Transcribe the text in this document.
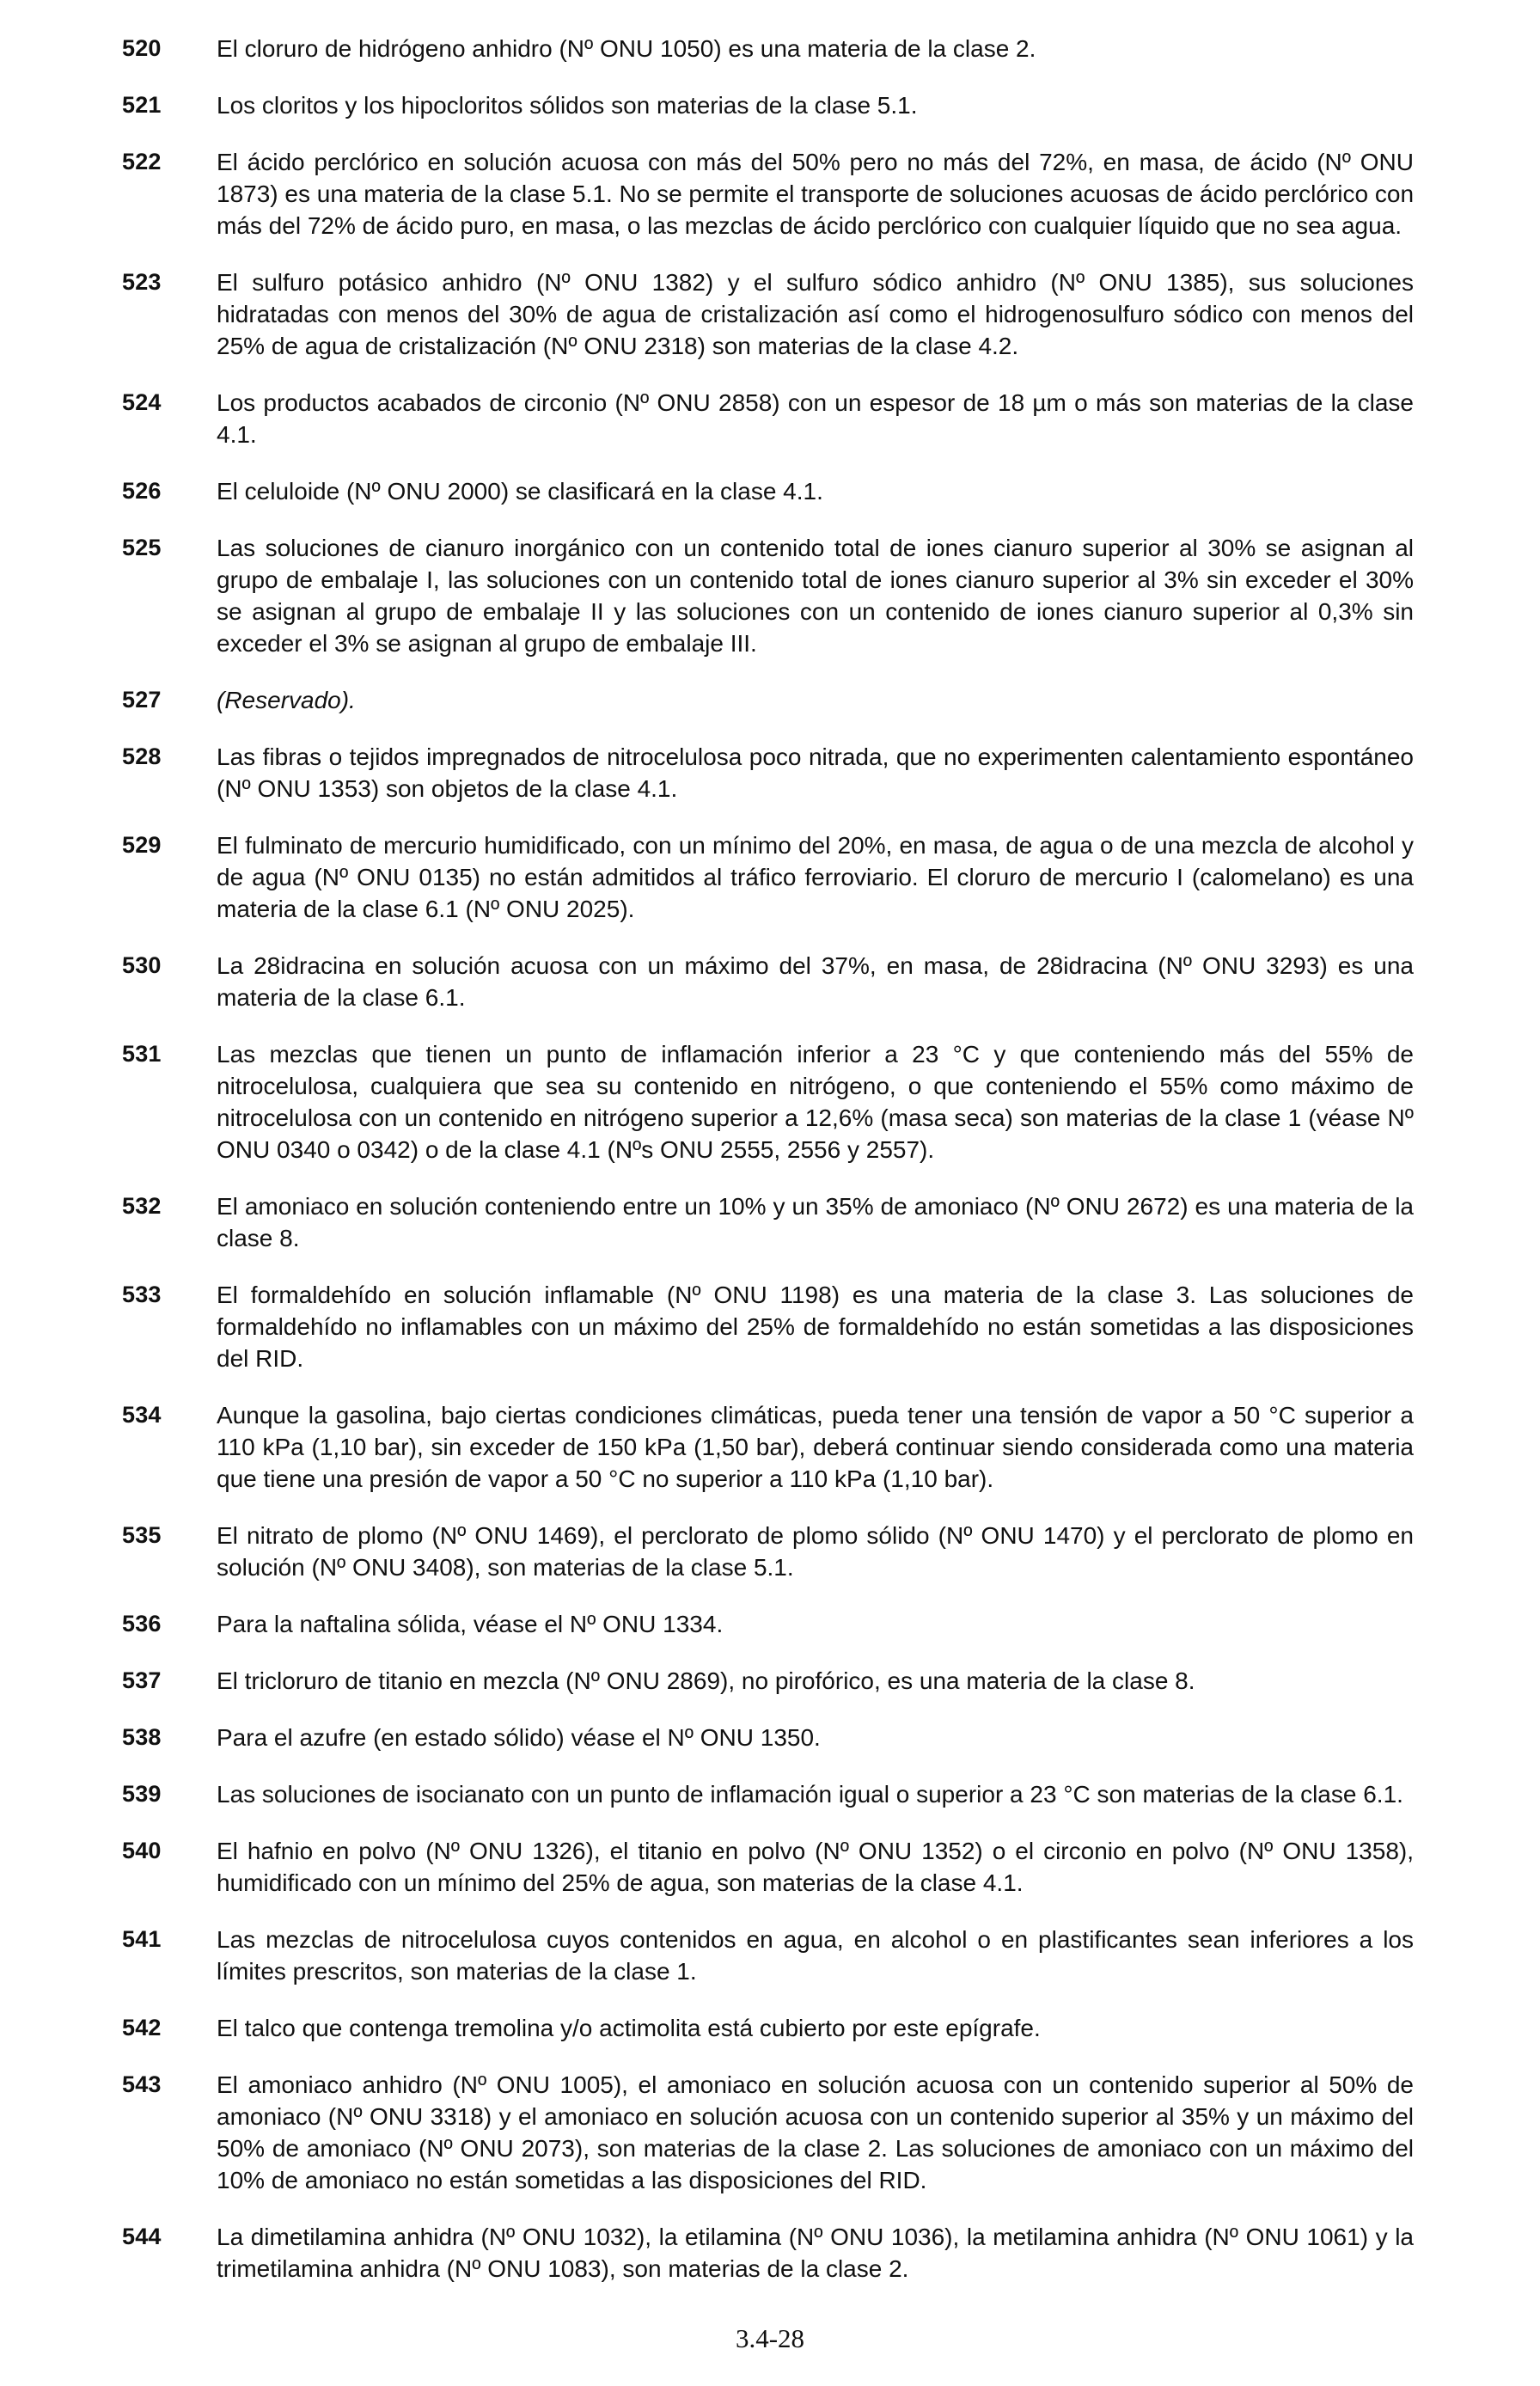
520	El cloruro de hidrógeno anhidro (Nº ONU 1050) es una materia de la clase 2.
521	Los cloritos y los hipocloritos sólidos son materias de la clase 5.1.
522	El ácido perclórico en solución acuosa con más del 50% pero no más del 72%, en masa, de ácido (Nº ONU 1873) es una materia de la clase 5.1. No se permite el transporte de soluciones acuosas de ácido perclórico con más del 72% de ácido puro, en masa, o las mezclas de ácido perclórico con cualquier líquido que no sea agua.
523	El sulfuro potásico anhidro (Nº ONU 1382) y el sulfuro sódico anhidro (Nº ONU 1385), sus soluciones hidratadas con menos del 30% de agua de cristalización así como el hidrogenosulfuro sódico con menos del 25% de agua de cristalización (Nº ONU 2318) son materias de la clase 4.2.
524	Los productos acabados de circonio (Nº ONU 2858) con un espesor de 18 µm o más son materias de la clase 4.1.
526	El celuloide (Nº ONU 2000) se clasificará en la clase 4.1.
525	Las soluciones de cianuro inorgánico con un contenido total de iones cianuro superior al 30% se asignan al grupo de embalaje I, las soluciones con un contenido total de iones cianuro superior al 3% sin exceder el 30% se asignan al grupo de embalaje II y las soluciones con un contenido de iones cianuro superior al 0,3% sin exceder el 3% se asignan al grupo de embalaje III.
527	(Reservado).
528	Las fibras o tejidos impregnados de nitrocelulosa poco nitrada, que no experimenten calentamiento espontáneo (Nº ONU 1353) son objetos de la clase 4.1.
529	El fulminato de mercurio humidificado, con un mínimo del 20%, en masa, de agua o de una mezcla de alcohol y de agua (Nº ONU 0135) no están admitidos al tráfico ferroviario. El cloruro de mercurio I (calomelano) es una materia de la clase 6.1 (Nº ONU 2025).
530	La 28idracina en solución acuosa con un máximo del 37%, en masa, de 28idracina (Nº ONU 3293) es una materia de la clase 6.1.
531	Las mezclas que tienen un punto de inflamación inferior a 23 °C y que conteniendo más del 55% de nitrocelulosa, cualquiera que sea su contenido en nitrógeno, o que conteniendo el 55% como máximo de nitrocelulosa con un contenido en nitrógeno superior a 12,6% (masa seca) son materias de la clase 1 (véase Nº ONU 0340 o 0342) o de la clase 4.1 (Nºs ONU 2555, 2556 y 2557).
532	El amoniaco en solución conteniendo entre un 10% y un 35% de amoniaco (Nº ONU 2672) es una materia de la clase 8.
533	El formaldehído en solución inflamable (Nº ONU 1198) es una materia de la clase 3. Las soluciones de formaldehído no inflamables con un máximo del 25% de formaldehído no están sometidas a las disposiciones del RID.
534	Aunque la gasolina, bajo ciertas condiciones climáticas, pueda tener una tensión de vapor a 50 °C superior a 110 kPa (1,10 bar), sin exceder de 150 kPa (1,50 bar), deberá continuar siendo considerada como una materia que tiene una presión de vapor a 50 °C no superior a 110 kPa (1,10 bar).
535	El nitrato de plomo (Nº ONU 1469), el perclorato de plomo sólido (Nº ONU 1470) y el perclorato de plomo en solución (Nº ONU 3408), son materias de la clase 5.1.
536	Para la naftalina sólida, véase el Nº ONU 1334.
537	El tricloruro de titanio en mezcla (Nº ONU 2869), no pirofórico, es una materia de la clase 8.
538	Para el azufre (en estado sólido) véase el Nº ONU 1350.
539	Las soluciones de isocianato con un punto de inflamación igual o superior a 23 °C son materias de la clase 6.1.
540	El hafnio en polvo (Nº ONU 1326), el titanio en polvo (Nº ONU 1352) o el circonio en polvo (Nº ONU 1358), humidificado con un mínimo del 25% de agua, son materias de la clase 4.1.
541	Las mezclas de nitrocelulosa cuyos contenidos en agua, en alcohol o en plastificantes sean inferiores a los límites prescritos, son materias de la clase 1.
542	El talco que contenga tremolina y/o actimolita está cubierto por este epígrafe.
543	El amoniaco anhidro (Nº ONU 1005), el amoniaco en solución acuosa con un contenido superior al 50% de amoniaco (Nº ONU 3318) y el amoniaco en solución acuosa con un contenido superior al 35% y un máximo del 50% de amoniaco (Nº ONU 2073), son materias de la clase 2. Las soluciones de amoniaco con un máximo del 10% de amoniaco no están sometidas a las disposiciones del RID.
544	La dimetilamina anhidra (Nº ONU 1032), la etilamina (Nº ONU 1036), la metilamina anhidra (Nº ONU 1061) y la trimetilamina anhidra (Nº ONU 1083), son materias de la clase 2.
3.4-28
